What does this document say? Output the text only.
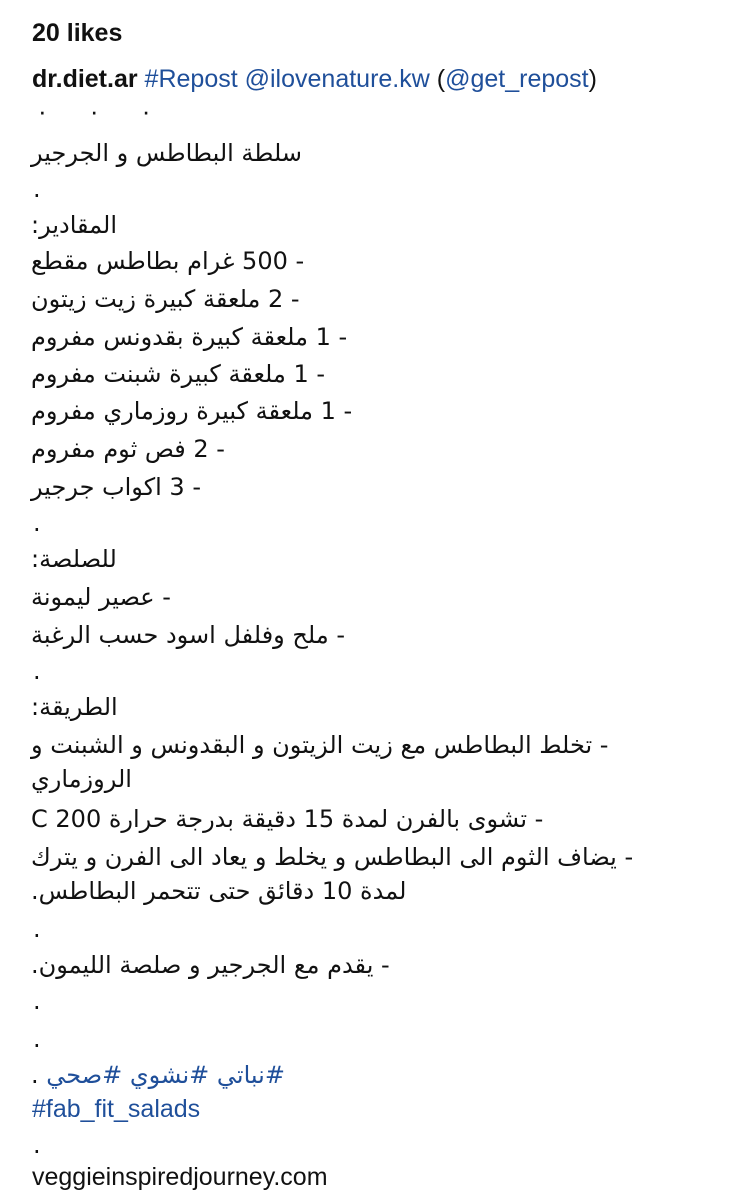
20 likes
dr.diet.ar #Repost @ilovenature.kw (@get_repost)
· · ·
سلطة البطاطس و الجرجير
.
المقادير:
- 500 غرام بطاطس مقطع
- 2 ملعقة كبيرة زيت زيتون
- 1 ملعقة كبيرة بقدونس مفروم
- 1 ملعقة كبيرة شبنت مفروم
- 1 ملعقة كبيرة روزماري مفروم
- 2 فص ثوم مفروم
- 3 اكواب جرجير
.
للصلصة:
- عصير ليمونة
- ملح وفلفل اسود حسب الرغبة
.
الطريقة:
- تخلط البطاطس مع زيت الزيتون و البقدونس و الشبنت و
الروزماري
- تشوى بالفرن لمدة 15 دقيقة بدرجة حرارة 200 C
- يضاف الثوم الى البطاطس و يخلط و يعاد الى الفرن و يترك
لمدة 10 دقائق حتى تتحمر البطاطس.
.
- يقدم مع الجرجير و صلصة الليمون.
.
.
#نباتي #نشوي #صحي .
#fab_fit_salads
.
veggieinspiredjourney.com
